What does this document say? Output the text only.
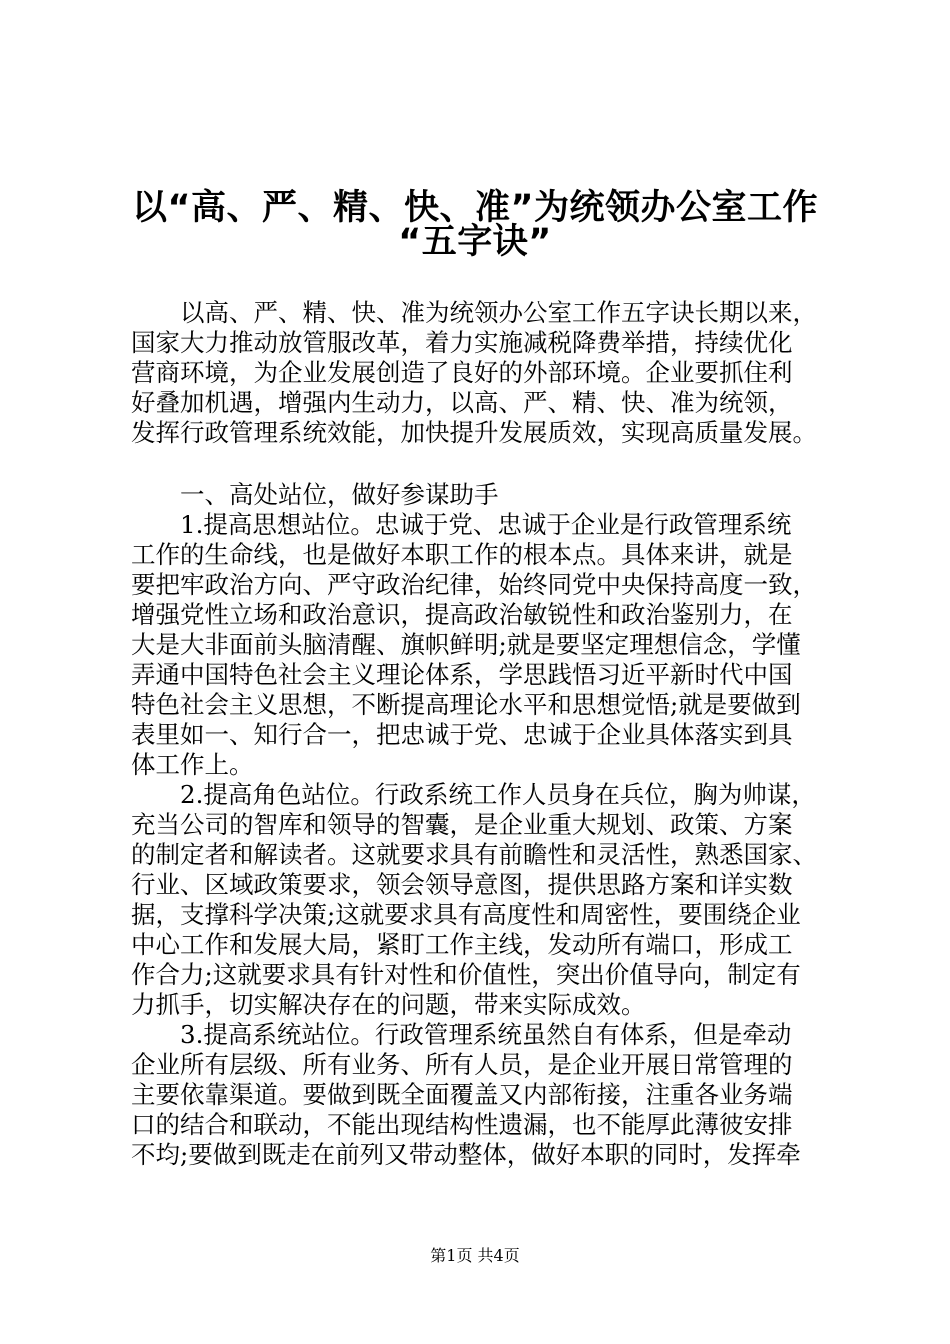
以“高、严、精、快、准”为统领办公室工作
“五字诀”
　　以高、严、精、快、准为统领办公室工作五字诀长期以来，
国家大力推动放管服改革，着力实施减税降费举措，持续优化
营商环境，为企业发展创造了良好的外部环境。企业要抓住利
好叠加机遇，增强内生动力，以高、严、精、快、准为统领，
发挥行政管理系统效能，加快提升发展质效，实现高质量发展。
　　一、高处站位，做好参谋助手
　　1.提高思想站位。忠诚于党、忠诚于企业是行政管理系统
工作的生命线，也是做好本职工作的根本点。具体来讲，就是
要把牢政治方向、严守政治纪律，始终同党中央保持高度一致，
增强党性立场和政治意识，提高政治敏锐性和政治鉴别力，在
大是大非面前头脑清醒、旗帜鲜明;就是要坚定理想信念，学懂
弄通中国特色社会主义理论体系，学思践悟习近平新时代中国
特色社会主义思想，不断提高理论水平和思想觉悟;就是要做到
表里如一、知行合一，把忠诚于党、忠诚于企业具体落实到具
体工作上。
　　2.提高角色站位。行政系统工作人员身在兵位，胸为帅谋，
充当公司的智库和领导的智囊，是企业重大规划、政策、方案
的制定者和解读者。这就要求具有前瞻性和灵活性，熟悉国家、
行业、区域政策要求，领会领导意图，提供思路方案和详实数
据，支撑科学决策;这就要求具有高度性和周密性，要围绕企业
中心工作和发展大局，紧盯工作主线，发动所有端口，形成工
作合力;这就要求具有针对性和价值性，突出价值导向，制定有
力抓手，切实解决存在的问题，带来实际成效。
　　3.提高系统站位。行政管理系统虽然自有体系，但是牵动
企业所有层级、所有业务、所有人员，是企业开展日常管理的
主要依靠渠道。要做到既全面覆盖又内部衔接，注重各业务端
口的结合和联动，不能出现结构性遗漏，也不能厚此薄彼安排
不均;要做到既走在前列又带动整体，做好本职的同时，发挥牵
第1页 共4页
